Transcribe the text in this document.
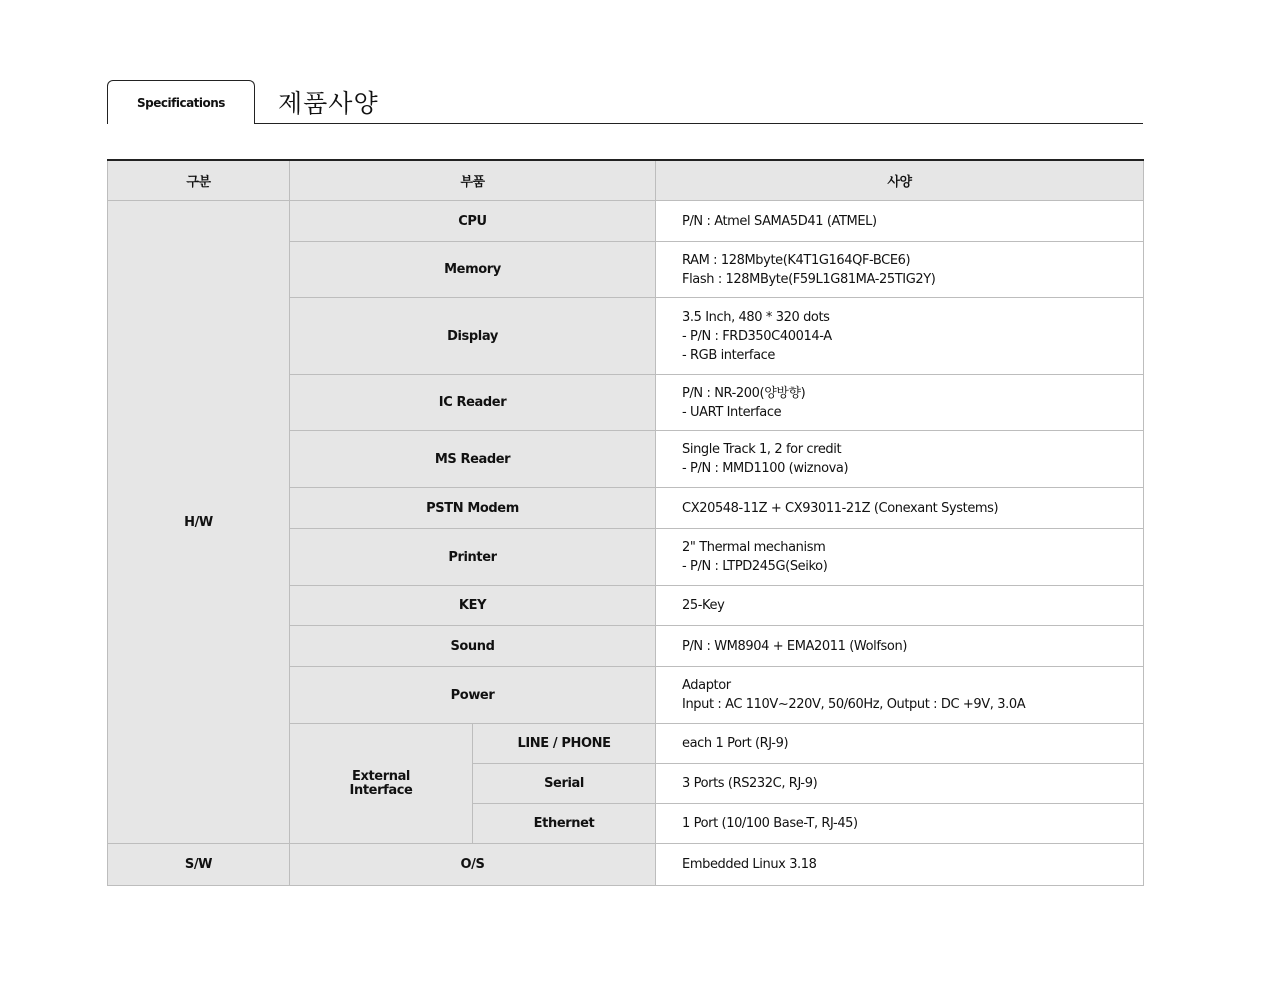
Specifications 제품사양
구분	부품		사양
H/W	CPU		P/N : Atmel SAMA5D41 (ATMEL)

	Memory		RAM : 128Mbyte(K4T1G164QF-BCE6)
Flash : 128MByte(F59L1G81MA-25TIG2Y)

	Display		3.5 Inch, 480 * 320 dots
- P/N : FRD350C40014-A
- RGB interface

	IC Reader		P/N : NR-200(양방향)
- UART Interface

	MS Reader		Single Track 1, 2 for credit
- P/N : MMD1100 (wiznova)

	PSTN Modem		CX20548-11Z + CX93011-21Z (Conexant Systems)

	Printer		2" Thermal mechanism
- P/N : LTPD245G(Seiko)

	KEY		25-Key

	Sound		P/N : WM8904 + EMA2011 (Wolfson)

	Power		Adaptor
Input : AC 110V~220V, 50/60Hz, Output : DC +9V, 3.0A

	External
Interface	LINE / PHONE	each 1 Port (RJ-9)
		Serial	3 Ports (RS232C, RJ-9)
		Ethernet	1 Port (10/100 Base-T, RJ-45)
S/W	O/S		Embedded Linux 3.18
